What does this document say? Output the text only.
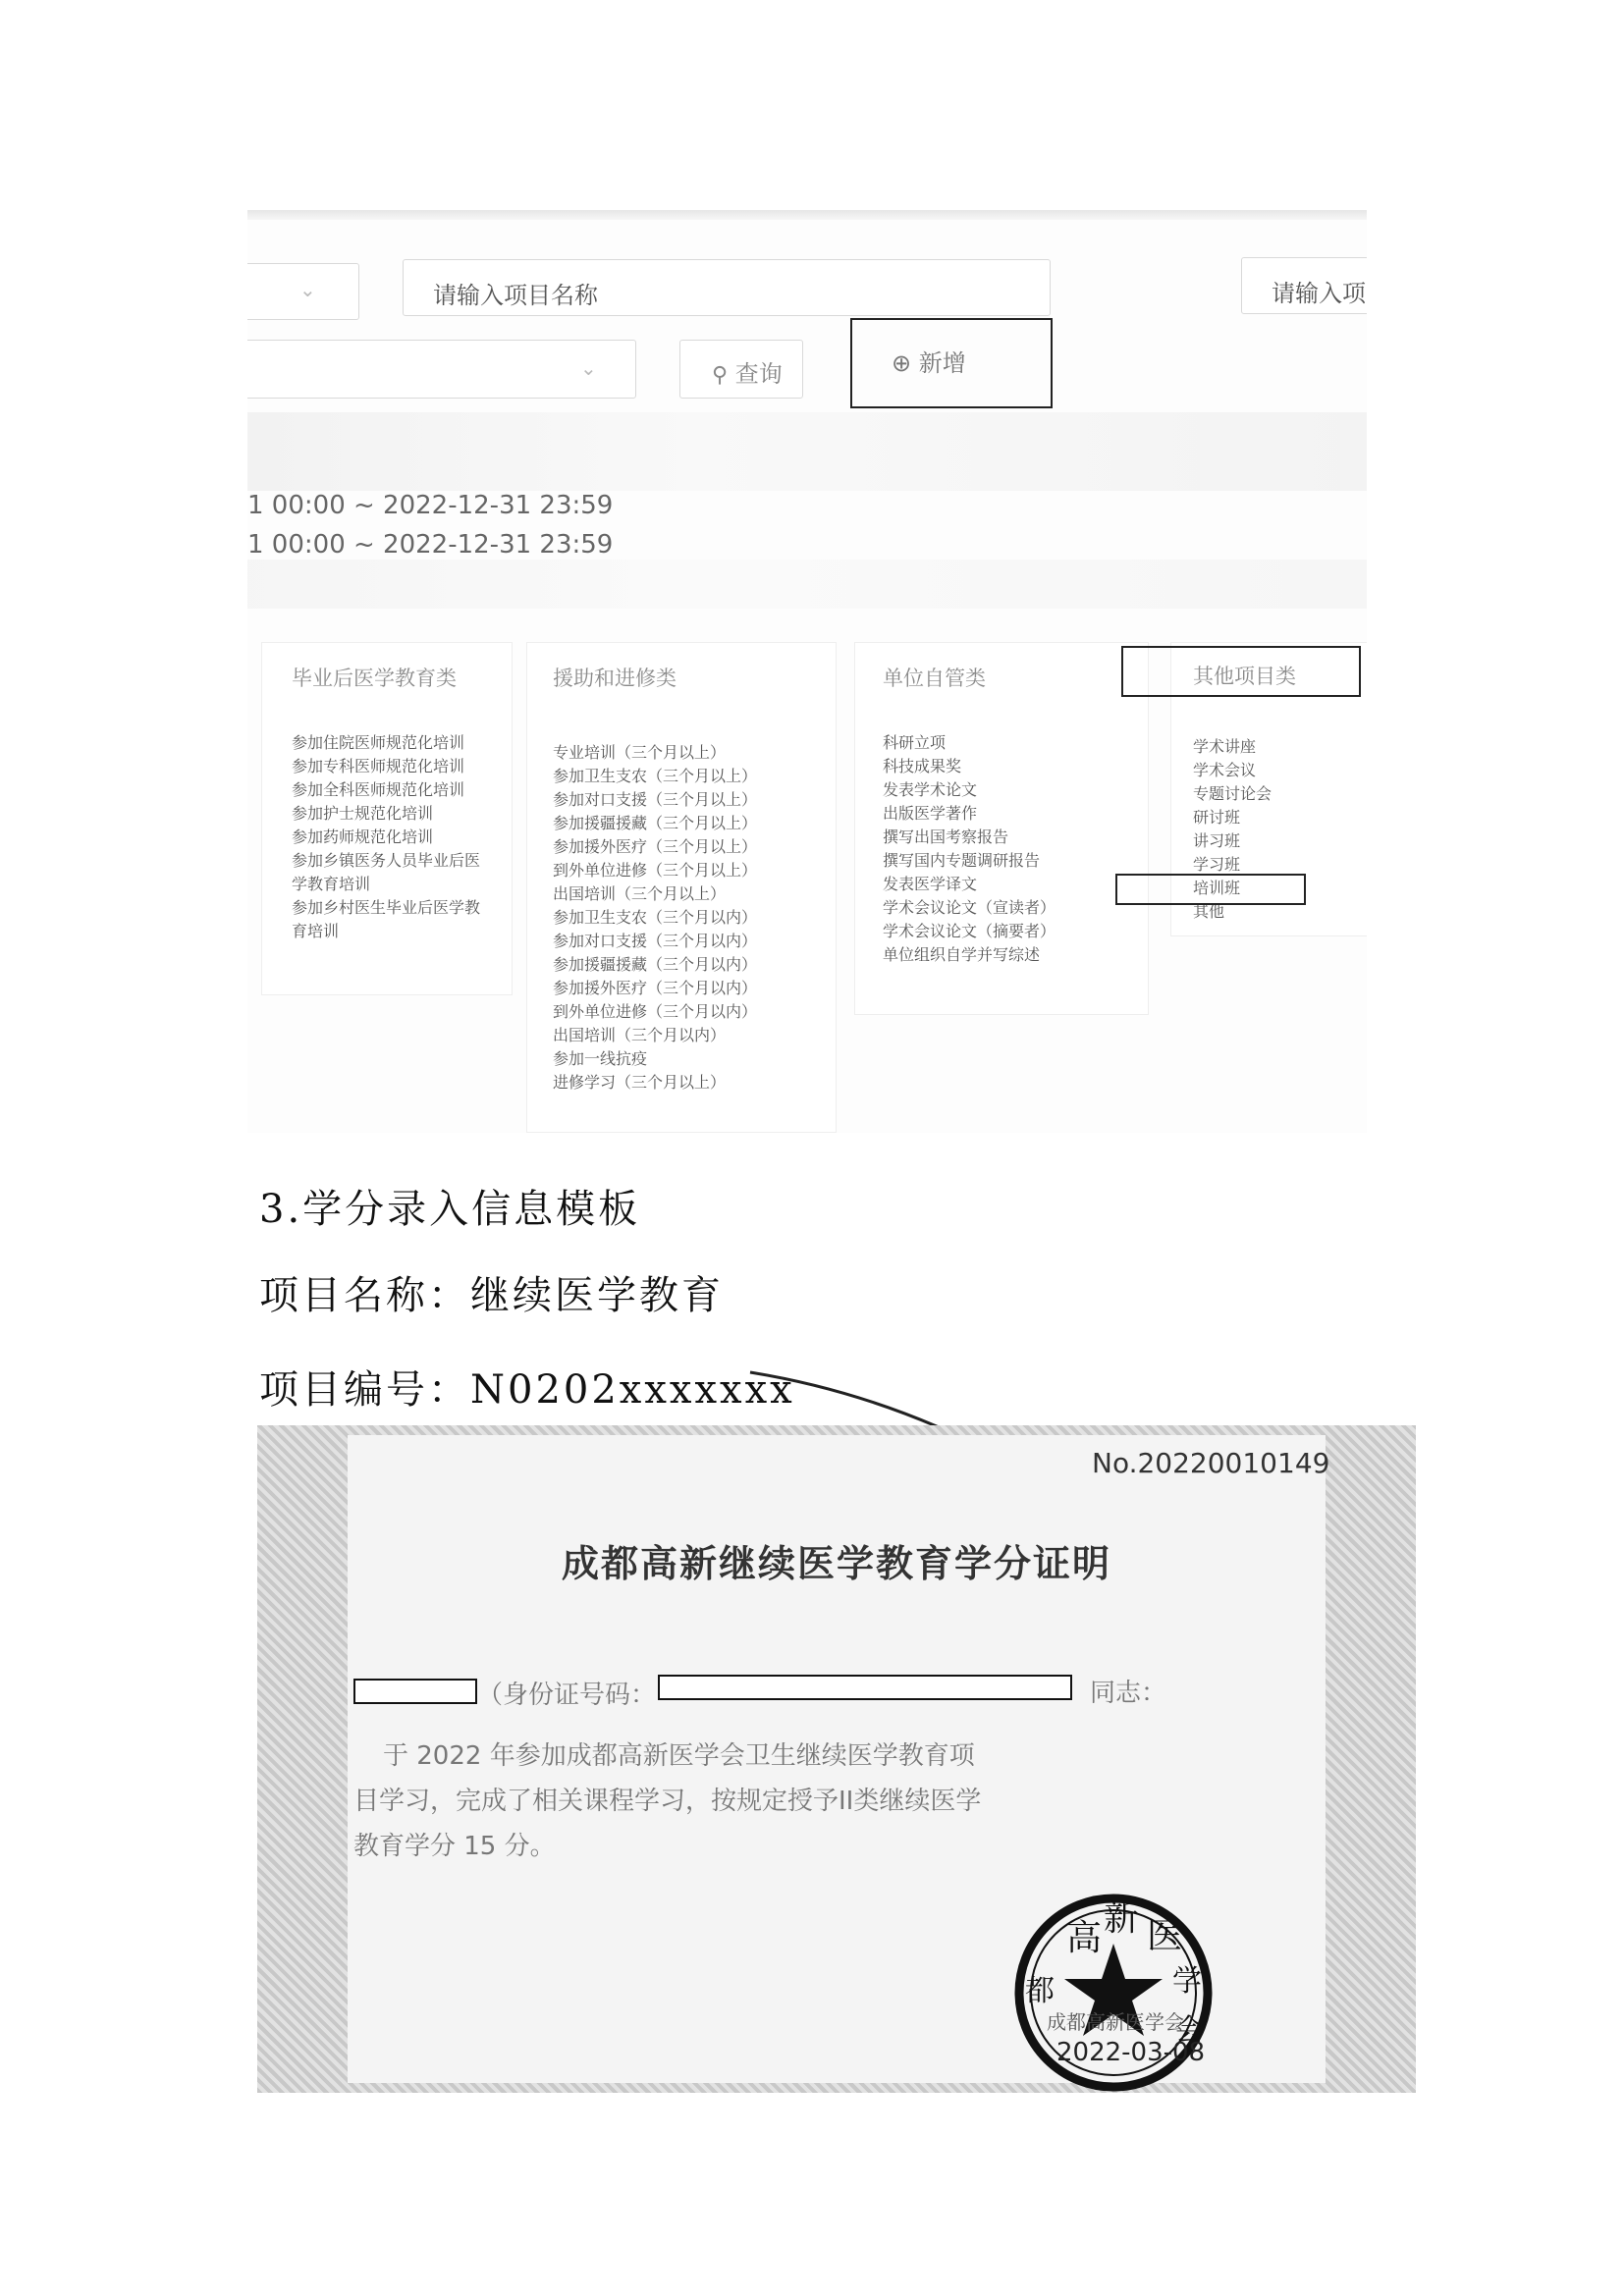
⌄	请输入项目名称	请输入项
⌄	⚲ 查询	⊕ 新增
1 00:00 ~ 2022-12-31 23:59
1 00:00 ~ 2022-12-31 23:59
毕业后医学教育类
参加住院医师规范化培训
参加专科医师规范化培训
参加全科医师规范化培训
参加护士规范化培训
参加药师规范化培训
参加乡镇医务人员毕业后医
学教育培训
参加乡村医生毕业后医学教
育培训
援助和进修类
专业培训（三个月以上）
参加卫生支农（三个月以上）
参加对口支援（三个月以上）
参加援疆援藏（三个月以上）
参加援外医疗（三个月以上）
到外单位进修（三个月以上）
出国培训（三个月以上）
参加卫生支农（三个月以内）
参加对口支援（三个月以内）
参加援疆援藏（三个月以内）
参加援外医疗（三个月以内）
到外单位进修（三个月以内）
出国培训（三个月以内）
参加一线抗疫
进修学习（三个月以上）
单位自管类
科研立项
科技成果奖
发表学术论文
出版医学著作
撰写出国考察报告
撰写国内专题调研报告
发表医学译文
学术会议论文（宣读者）
学术会议论文（摘要者）
单位组织自学并写综述
其他项目类
学术讲座
学术会议
专题讨论会
研讨班
讲习班
学习班
培训班
其他
3.学分录入信息模板
项目名称：继续医学教育
项目编号：N0202xxxxxxx
No.20220010149
成都高新继续医学教育学分证明
（身份证号码：	同志：
于 2022 年参加成都高新医学会卫生继续医学教育项
目学习，完成了相关课程学习，按规定授予II类继续医学
教育学分 15 分。
高 新 医
学
会
都
成都高新医学会
2022-03-08
